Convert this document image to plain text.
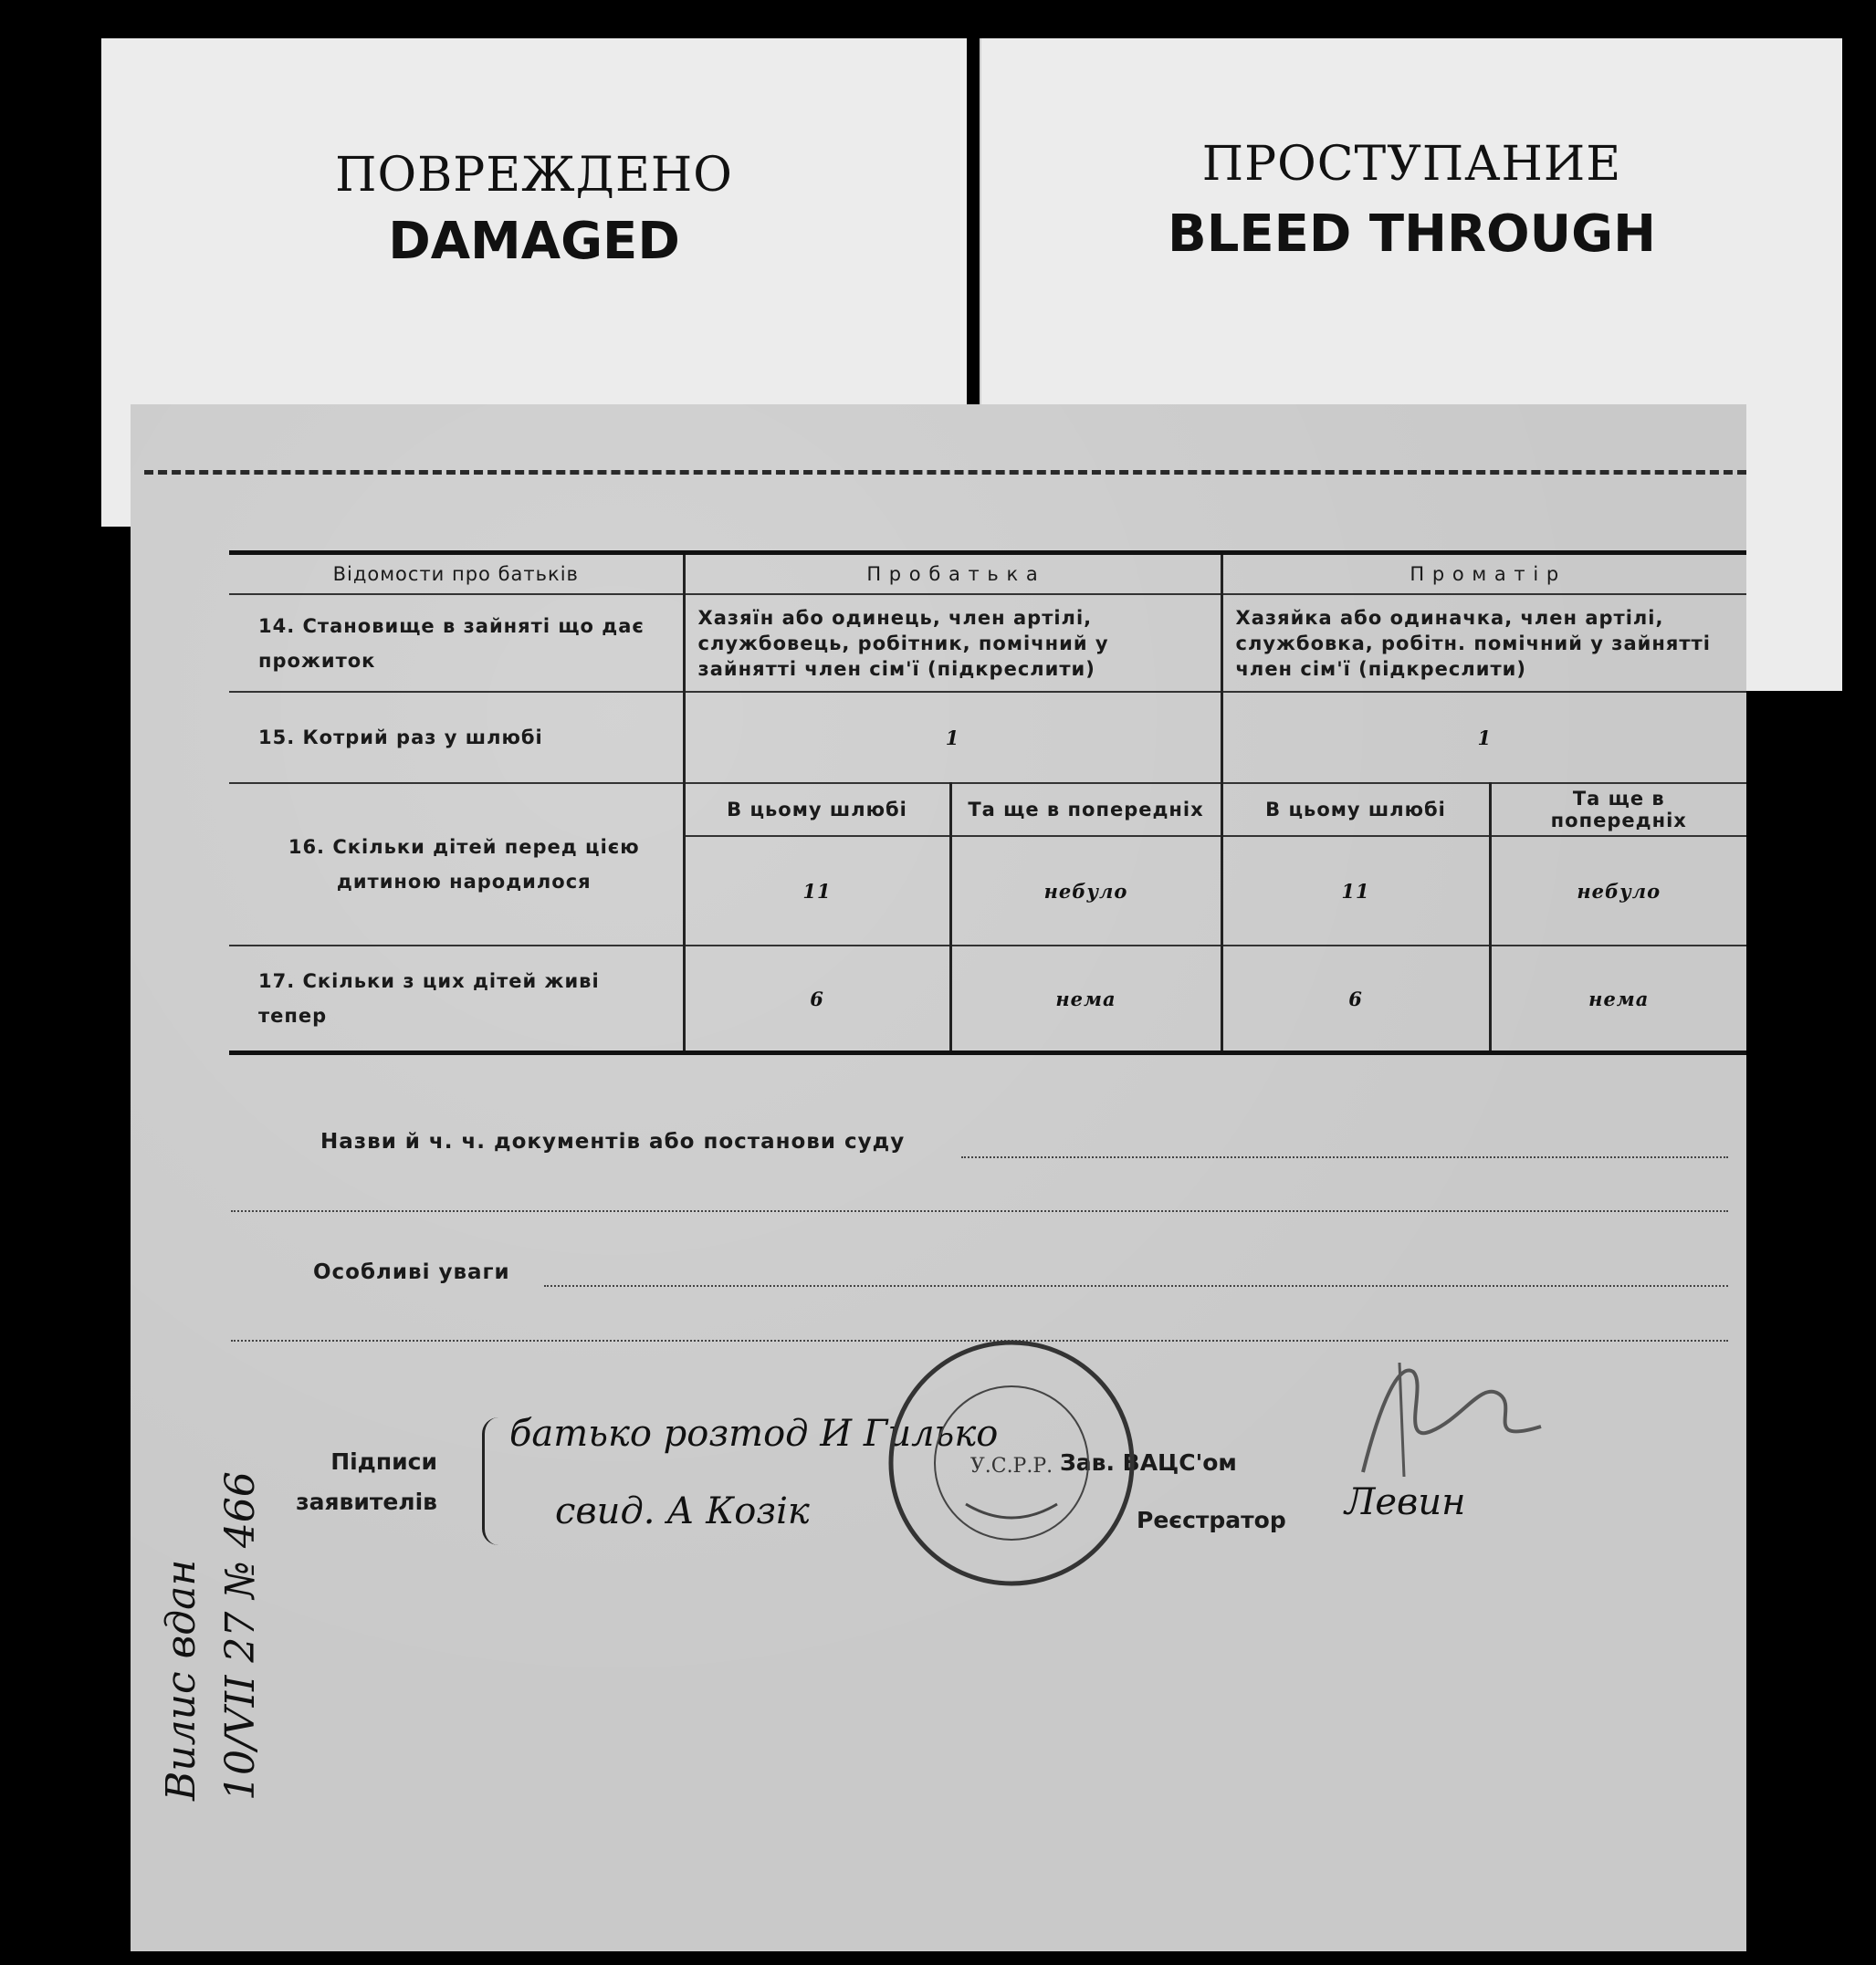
ПОВРЕЖДЕНО
DAMAGED
ПРОСТУПАНИЕ
BLEED THROUGH
Відомости про батьків	П р о б а т ь к а		П р о м а т і р	
14. Становище в зайняті що дає прожиток	Хазяїн або одинець, член артілі, службовець, робітник, помічний у зайнятті член сім'ї (підкреслити)		Хазяйка або одиначка, член артілі, службовка, робітн. помічний у зайнятті член сім'ї (підкреслити)	
15. Котрий раз у шлюбі	1		1	
16. Скільки дітей перед цією дитиною народилося	В цьому шлюбі	Та ще в попередніх	В цьому шлюбі	Та ще в попередніх
	11	небуло	11	небуло
17. Скільки з цих дітей живі тепер	6	нема	6	нема
Назви й ч. ч. документів або постанови суду
Особливі уваги
Підписи
заявителів
батько розтод И Гилько
свид. А Козік
Зав. ВАЦС'ом
Реєстратор Левин
У.С.Р.Р.
Вилис вдан 10/VII 27 № 466
